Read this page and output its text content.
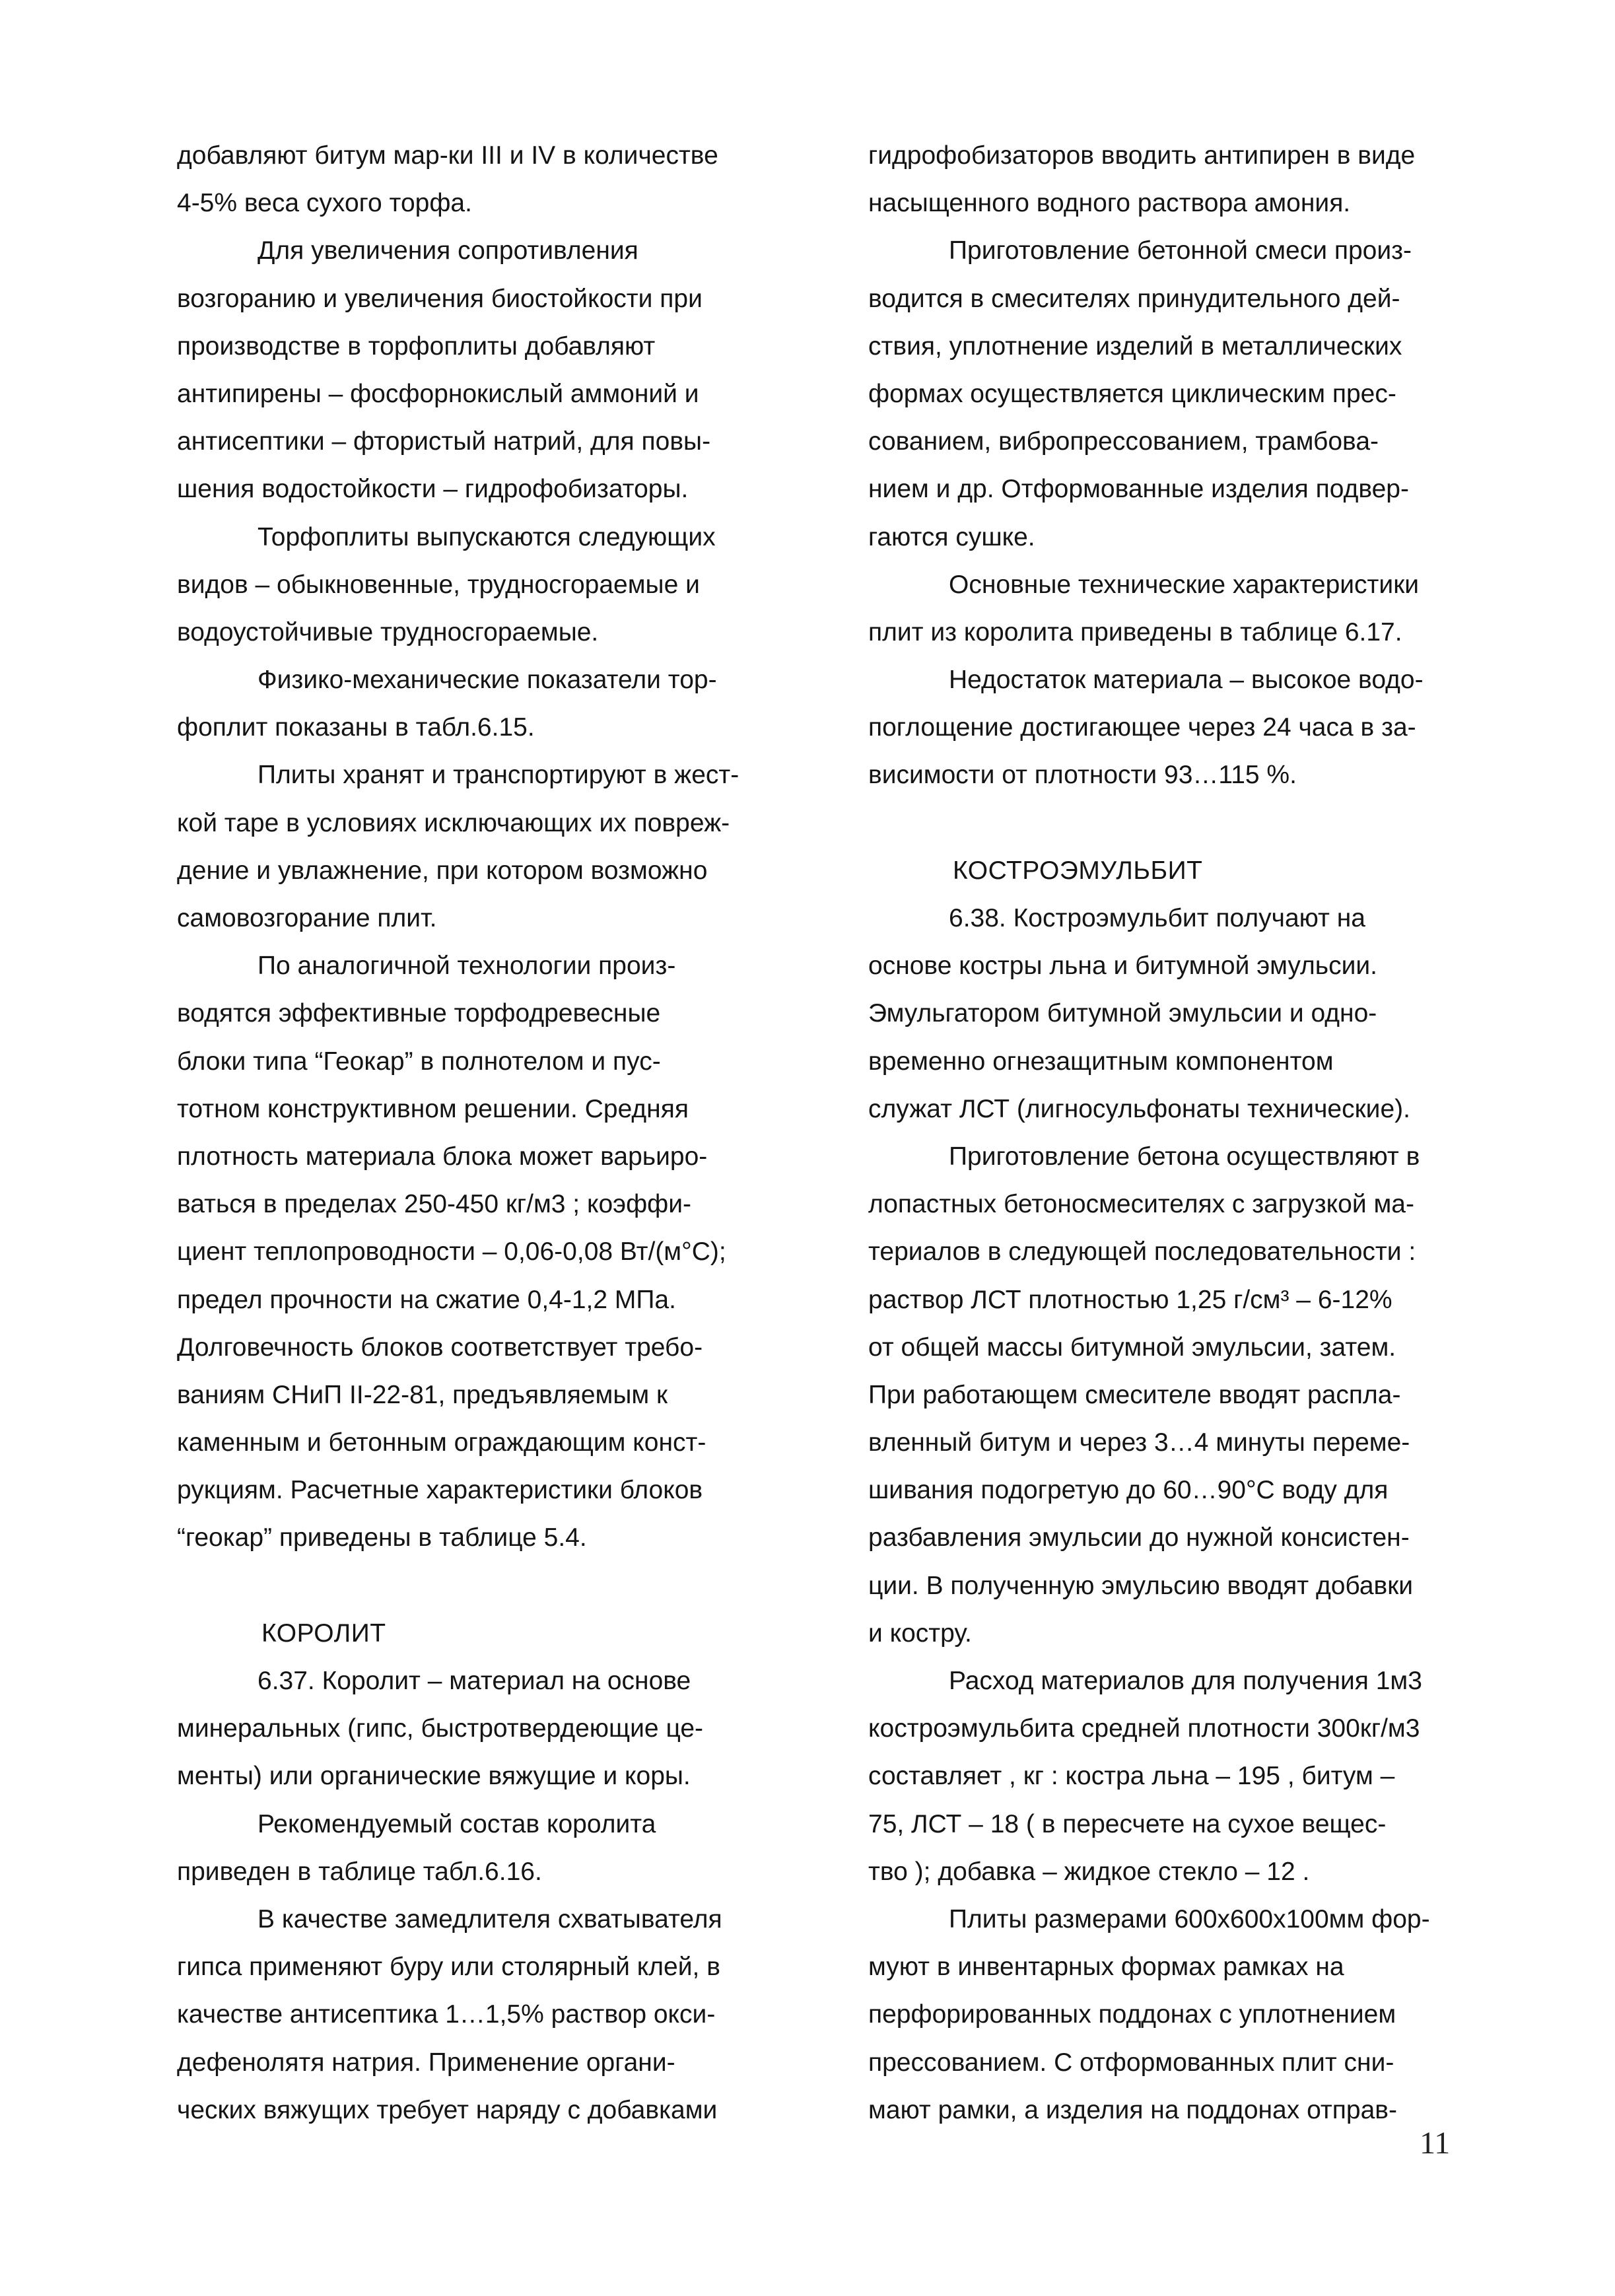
добавляют битум мар-ки III и IV в количестве
4-5% веса сухого торфа.
Для увеличения сопротивления
возгоранию и увеличения биостойкости при
производстве в торфоплиты добавляют
антипирены – фосфорнокислый аммоний и
антисептики – фтористый натрий, для повы-
шения водостойкости – гидрофобизаторы.
Торфоплиты выпускаются следующих
видов – обыкновенные, трудносгораемые и
водоустойчивые трудносгораемые.
Физико-механические показатели тор-
фоплит показаны в табл.6.15.
Плиты хранят и транспортируют в жест-
кой таре в условиях исключающих их повреж-
дение и увлажнение, при котором возможно
самовозгорание плит.
По аналогичной технологии произ-
водятся эффективные торфодревесные
блоки типа “Геокар” в полнотелом и пус-
тотном конструктивном решении. Средняя
плотность материала блока может варьиро-
ваться в пределах 250-450 кг/м3 ; коэффи-
циент теплопроводности – 0,06-0,08 Вт/(м°С);
предел прочности на сжатие 0,4-1,2 МПа.
Долговечность блоков соответствует требо-
ваниям СНиП II-22-81, предъявляемым к
каменным и бетонным ограждающим конст-
рукциям. Расчетные характеристики блоков
“геокар” приведены в таблице 5.4.
КОРОЛИТ
6.37. Королит – материал на основе
минеральных (гипс, быстротвердеющие це-
менты) или органические вяжущие и коры.
Рекомендуемый состав королита
приведен в таблице табл.6.16.
В качестве замедлителя схватывателя
гипса применяют буру или столярный клей, в
качестве антисептика 1…1,5% раствор окси-
дефенолятя натрия. Применение органи-
ческих вяжущих требует наряду с добавками
гидрофобизаторов вводить антипирен в виде
насыщенного водного раствора амония.
Приготовление бетонной смеси произ-
водится в смесителях принудительного дей-
ствия, уплотнение изделий в металлических
формах осуществляется циклическим прес-
сованием, вибропрессованием, трамбова-
нием и др. Отформованные изделия подвер-
гаются сушке.
Основные технические характеристики
плит из королита приведены в таблице 6.17.
Недостаток материала – высокое водо-
поглощение достигающее через 24 часа в за-
висимости от плотности 93…115 %.
КОСТРОЭМУЛЬБИТ
6.38. Костроэмульбит получают на
основе костры льна и битумной эмульсии.
Эмульгатором битумной эмульсии и одно-
временно огнезащитным компонентом
служат ЛСТ (лигносульфонаты технические).
Приготовление бетона осуществляют в
лопастных бетоносмесителях с загрузкой ма-
териалов в следующей последовательности :
раствор ЛСТ плотностью 1,25 г/см³ – 6-12%
от общей массы битумной эмульсии, затем.
При работающем смесителе вводят распла-
вленный битум и через 3…4 минуты переме-
шивания подогретую до 60…90°С воду для
разбавления эмульсии до нужной консистен-
ции. В полученную эмульсию вводят добавки
и костру.
Расход материалов для получения 1м3
костроэмульбита средней плотности 300кг/м3
составляет , кг : костра льна – 195 , битум –
75, ЛСТ – 18 ( в пересчете на сухое вещес-
тво ); добавка – жидкое стекло – 12 .
Плиты размерами 600х600х100мм фор-
муют в инвентарных формах рамках на
перфорированных поддонах с уплотнением
прессованием. С отформованных плит сни-
мают рамки, а изделия на поддонах отправ-
11
